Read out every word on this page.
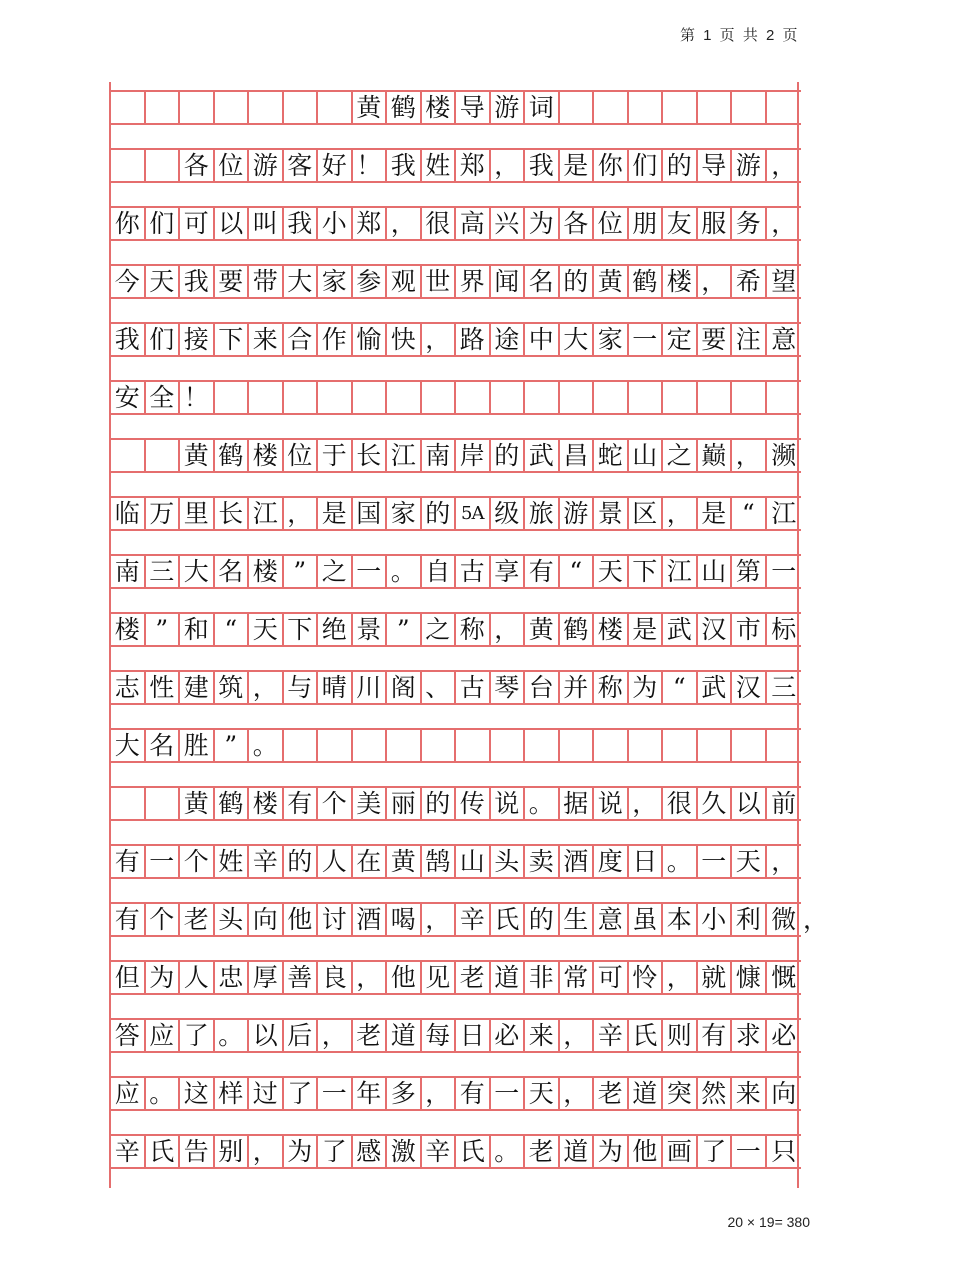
第 1 页 共 2 页
黄 鹤 楼 导 游 词
各 位 游 客 好 ！ 我 姓 郑 ， 我 是 你 们 的 导 游 ，
你 们 可 以 叫 我 小 郑 ， 很 高 兴 为 各 位 朋 友 服 务 ，
今 天 我 要 带 大 家 参 观 世 界 闻 名 的 黄 鹤 楼 ， 希 望
我 们 接 下 来 合 作 愉 快 ， 路 途 中 大 家 一 定 要 注 意
安 全 ！
黄 鹤 楼 位 于 长 江 南 岸 的 武 昌 蛇 山 之 巅 ， 濒
临 万 里 长 江 ， 是 国 家 的 5A 级 旅 游 景 区 ， 是 “ 江
南 三 大 名 楼 ” 之 一 。 自 古 享 有 “ 天 下 江 山 第 一
楼 ” 和 “ 天 下 绝 景 ” 之 称 ， 黄 鹤 楼 是 武 汉 市 标
志 性 建 筑 ， 与 晴 川 阁 、 古 琴 台 并 称 为 “ 武 汉 三
大 名 胜 ” 。
黄 鹤 楼 有 个 美 丽 的 传 说 。 据 说 ， 很 久 以 前
有 一 个 姓 辛 的 人 在 黄 鹄 山 头 卖 酒 度 日 。 一 天 ，
有 个 老 头 向 他 讨 酒 喝 ， 辛 氏 的 生 意 虽 本 小 利 微
但 为 人 忠 厚 善 良 ， 他 见 老 道 非 常 可 怜 ， 就 慷 慨
答 应 了 。 以 后 ， 老 道 每 日 必 来 ， 辛 氏 则 有 求 必
应 。 这 样 过 了 一 年 多 ， 有 一 天 ， 老 道 突 然 来 向
辛 氏 告 别 ， 为 了 感 激 辛 氏 。 老 道 为 他 画 了 一 只
，
20 × 19= 380
